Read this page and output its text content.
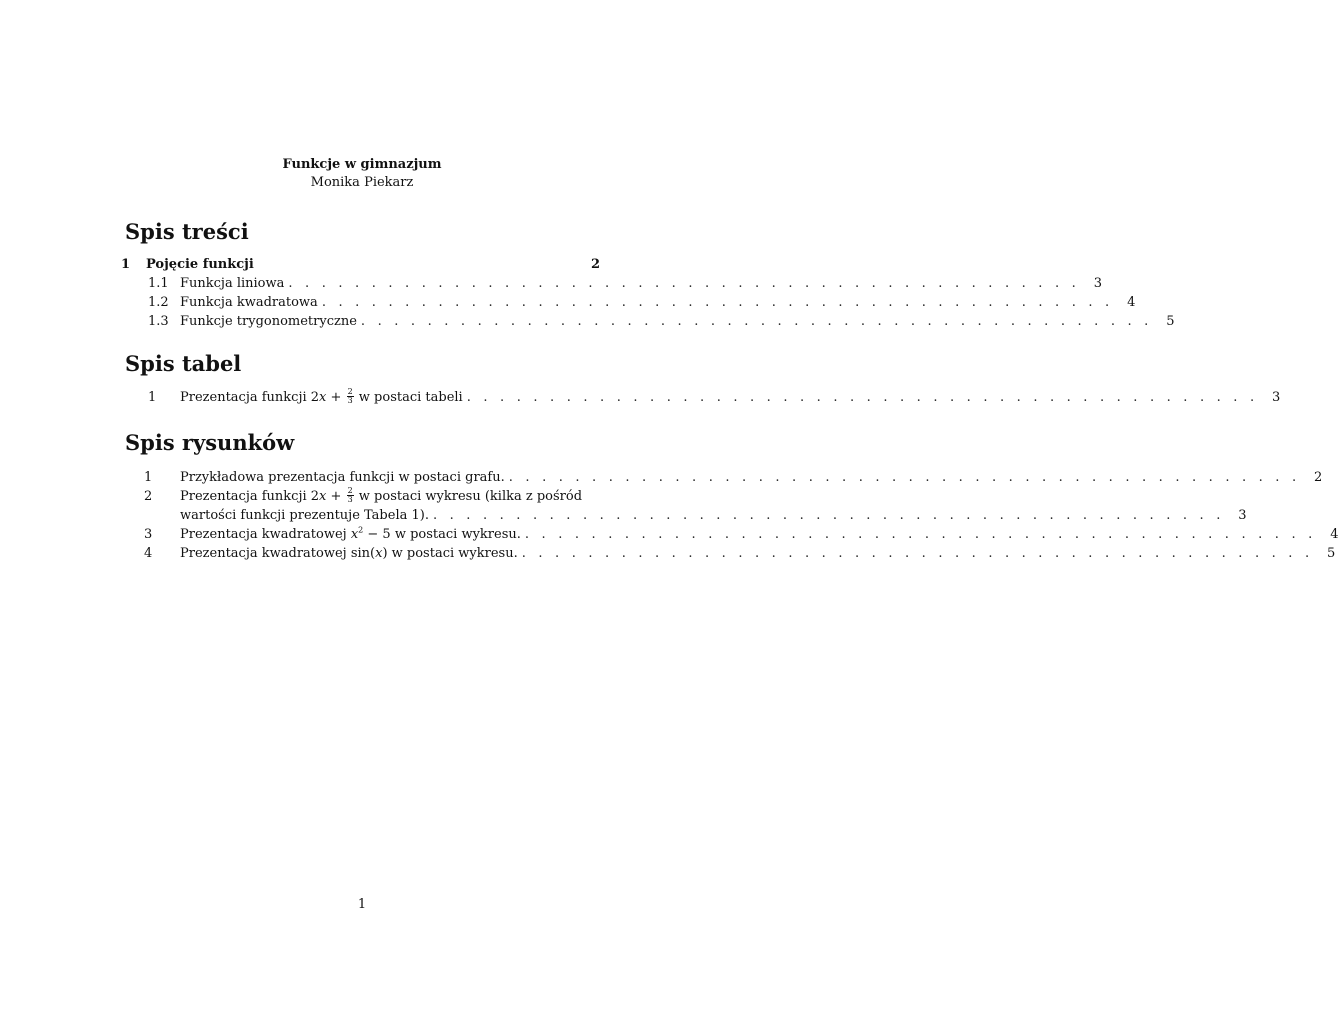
Funkcje w gimnazjum
Monika Piekarz
Spis treści
1	Pojęcie funkcji	2
1.1 Funkcja liniowa . . . . . . . . . . . . . . . . . . . . . . . . . . . . . . . . . . . . . . . . . . . . . . . .	3
1.2 Funkcja kwadratowa . . . . . . . . . . . . . . . . . . . . . . . . . . . . . . . . . . . . . . . . . . . . . . . .	4
1.3 Funkcje trygonometryczne . . . . . . . . . . . . . . . . . . . . . . . . . . . . . . . . . . . . . . . . . . . . . . . .	5
Spis tabel
1	Prezentacja funkcji $2x + \frac{2}{3}$ w postaci tabeli . . . . . . . . . . . . . . . . . . . . . . . . . . . . . . . . . . . . . . . . . . . . . . . .	3
Spis rysunków
1	Przykładowa prezentacja funkcji w postaci grafu. . . . . . . . . . . . . . . . . . . . . . . . . . . . . . . . . . . . . . . . . . . . . . . . .	2
2	Prezentacja funkcji $2x + \frac{2}{3}$ w postaci wykresu (kilka z pośród
wartości funkcji prezentuje Tabela 1). . . . . . . . . . . . . . . . . . . . . . . . . . . . . . . . . . . . . . . . . . . . . . . . .	3
3	Prezentacja kwadratowej $x^2 - 5$ w postaci wykresu. . . . . . . . . . . . . . . . . . . . . . . . . . . . . . . . . . . . . . . . . . . . . . . . .	4
4	Prezentacja kwadratowej sin(x) w postaci wykresu. . . . . . . . . . . . . . . . . . . . . . . . . . . . . . . . . . . . . . . . . . . . . . . . .	5
1
